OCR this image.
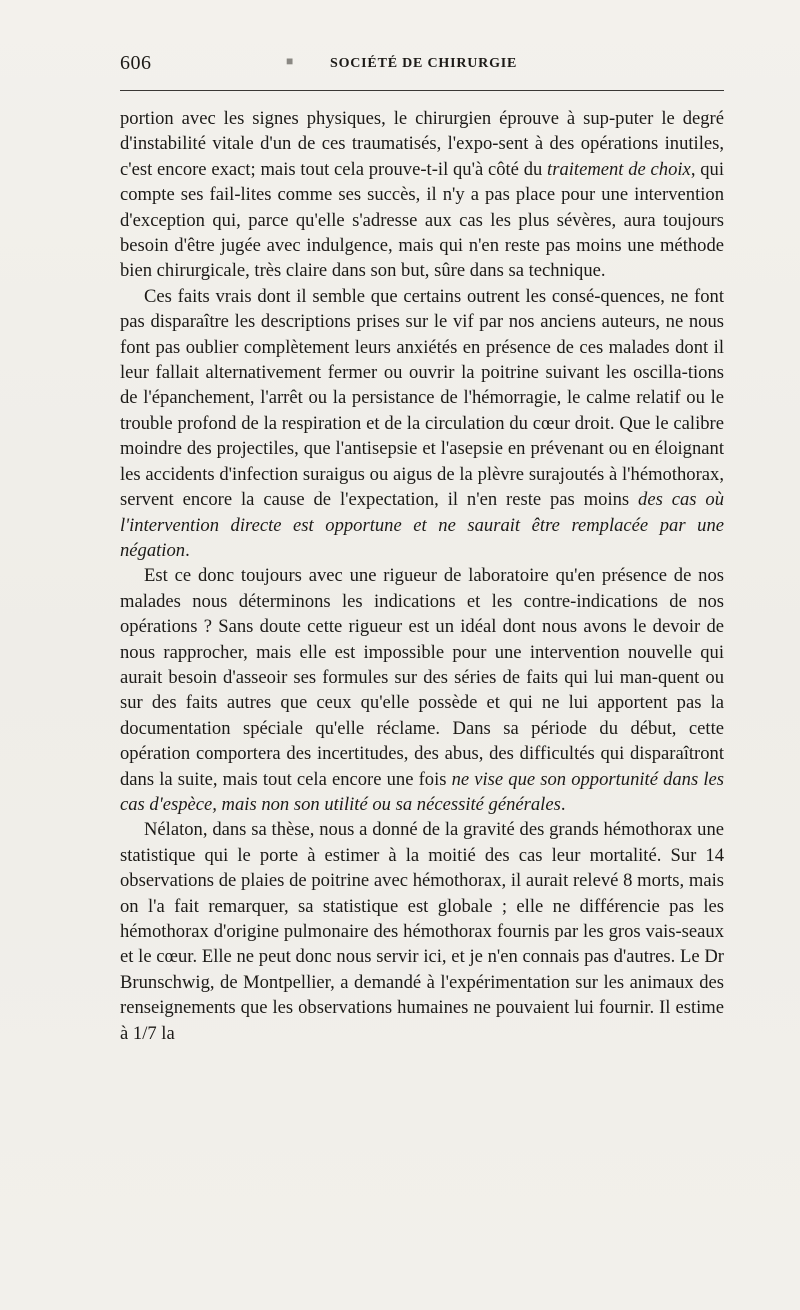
606	■	SOCIÉTÉ DE CHIRURGIE

portion avec les signes physiques, le chirurgien éprouve à sup-puter le degré d'instabilité vitale d'un de ces traumatisés, l'expo-sent à des opérations inutiles, c'est encore exact; mais tout cela prouve-t-il qu'à côté du traitement de choix, qui compte ses fail-lites comme ses succès, il n'y a pas place pour une intervention d'exception qui, parce qu'elle s'adresse aux cas les plus sévères, aura toujours besoin d'être jugée avec indulgence, mais qui n'en reste pas moins une méthode bien chirurgicale, très claire dans son but, sûre dans sa technique.

Ces faits vrais dont il semble que certains outrent les consé-quences, ne font pas disparaître les descriptions prises sur le vif par nos anciens auteurs, ne nous font pas oublier complètement leurs anxiétés en présence de ces malades dont il leur fallait alternativement fermer ou ouvrir la poitrine suivant les oscilla-tions de l'épanchement, l'arrêt ou la persistance de l'hémorragie, le calme relatif ou le trouble profond de la respiration et de la circulation du cœur droit. Que le calibre moindre des projectiles, que l'antisepsie et l'asepsie en prévenant ou en éloignant les accidents d'infection suraigus ou aigus de la plèvre surajoutés à l'hémothorax, servent encore la cause de l'expectation, il n'en reste pas moins des cas où l'intervention directe est opportune et ne saurait être remplacée par une négation.

Est ce donc toujours avec une rigueur de laboratoire qu'en présence de nos malades nous déterminons les indications et les contre-indications de nos opérations ? Sans doute cette rigueur est un idéal dont nous avons le devoir de nous rapprocher, mais elle est impossible pour une intervention nouvelle qui aurait besoin d'asseoir ses formules sur des séries de faits qui lui man-quent ou sur des faits autres que ceux qu'elle possède et qui ne lui apportent pas la documentation spéciale qu'elle réclame. Dans sa période du début, cette opération comportera des incertitudes, des abus, des difficultés qui disparaîtront dans la suite, mais tout cela encore une fois ne vise que son opportunité dans les cas d'espèce, mais non son utilité ou sa nécessité générales.

Nélaton, dans sa thèse, nous a donné de la gravité des grands hémothorax une statistique qui le porte à estimer à la moitié des cas leur mortalité. Sur 14 observations de plaies de poitrine avec hémothorax, il aurait relevé 8 morts, mais on l'a fait remarquer, sa statistique est globale ; elle ne différencie pas les hémothorax d'origine pulmonaire des hémothorax fournis par les gros vais-seaux et le cœur. Elle ne peut donc nous servir ici, et je n'en connais pas d'autres. Le Dr Brunschwig, de Montpellier, a demandé à l'expérimentation sur les animaux des renseignements que les observations humaines ne pouvaient lui fournir. Il estime à 1/7 la
